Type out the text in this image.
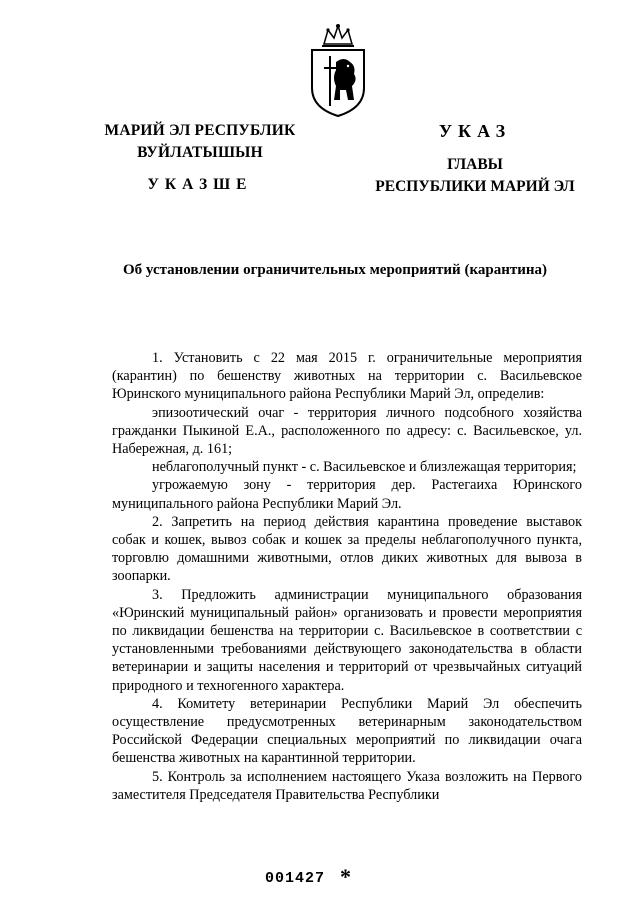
МАРИЙ ЭЛ РЕСПУБЛИК
ВУЙЛАТЫШЫН
УКАЗШЕ
УКАЗ
ГЛАВЫ
РЕСПУБЛИКИ МАРИЙ ЭЛ
Об установлении ограничительных мероприятий (карантина)

1. Установить с 22 мая 2015 г. ограничительные мероприятия (карантин) по бешенству животных на территории с. Васильевское Юринского муниципального района Республики Марий Эл, определив:

эпизоотический очаг - территория личного подсобного хозяйства гражданки Пыкиной Е.А., расположенного по адресу: с. Васильевское, ул. Набережная, д. 161;

неблагополучный пункт - с. Васильевское и близлежащая территория;

угрожаемую зону - территория дер. Растегаиха Юринского муниципального района Республики Марий Эл.

2. Запретить на период действия карантина проведение выставок собак и кошек, вывоз собак и кошек за пределы неблагополучного пункта, торговлю домашними животными, отлов диких животных для вывоза в зоопарки.

3. Предложить администрации муниципального образования «Юринский муниципальный район» организовать и провести мероприятия по ликвидации бешенства на территории с. Васильевское в соответствии с установленными требованиями действующего законодательства в области ветеринарии и защиты населения и территорий от чрезвычайных ситуаций природного и техногенного характера.

4. Комитету ветеринарии Республики Марий Эл обеспечить осуществление предусмотренных ветеринарным законодательством Российской Федерации специальных мероприятий по ликвидации очага бешенства животных на карантинной территории.

5. Контроль за исполнением настоящего Указа возложить на Первого заместителя Председателя Правительства Республики

001427 *
